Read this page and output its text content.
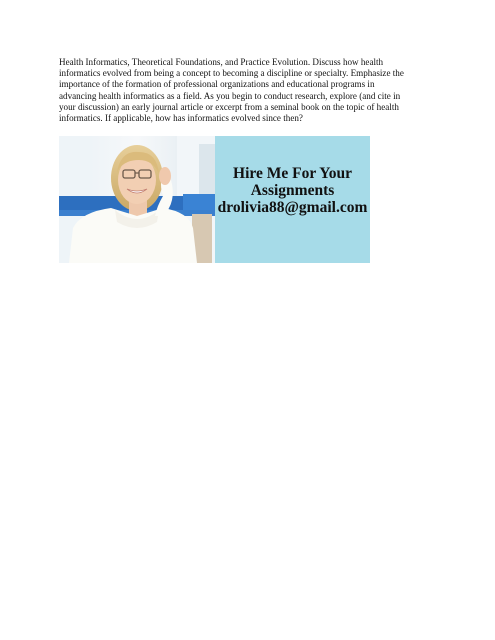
Health Informatics, Theoretical Foundations, and Practice Evolution. Discuss how health
informatics evolved from being a concept to becoming a discipline or specialty. Emphasize the
importance of the formation of professional organizations and educational programs in
advancing health informatics as a field. As you begin to conduct research, explore (and cite in
your discussion) an early journal article or excerpt from a seminal book on the topic of health
informatics. If applicable, how has informatics evolved since then?

Hire Me For Your
Assignments
drolivia88@gmail.com
